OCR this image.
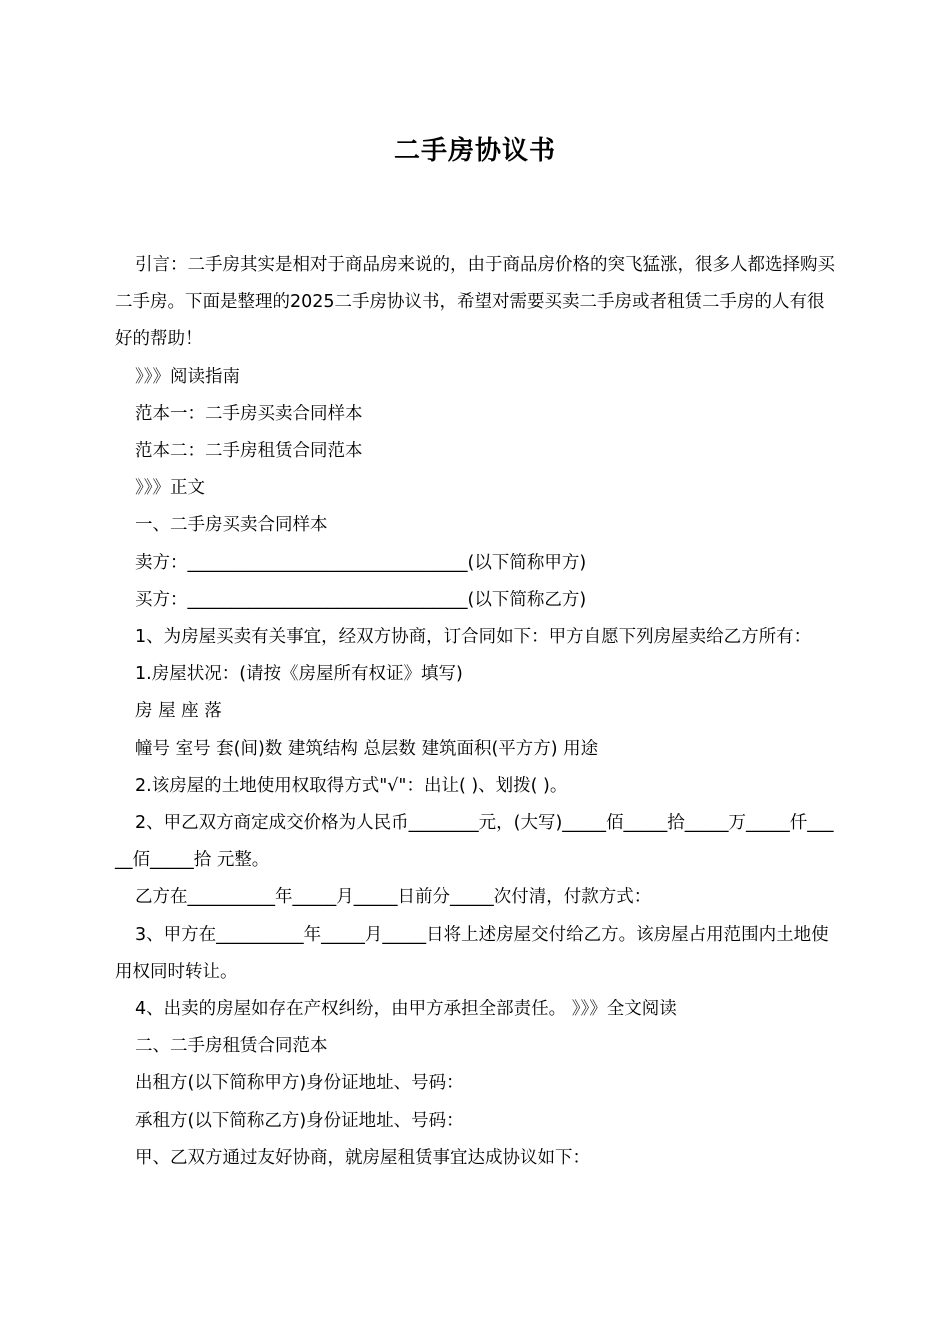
二手房协议书

引言：二手房其实是相对于商品房来说的，由于商品房价格的突飞猛涨，很多人都选择购买二手房。下面是整理的2025二手房协议书，希望对需要买卖二手房或者租赁二手房的人有很好的帮助！

》》》阅读指南

范本一：二手房买卖合同样本

范本二：二手房租赁合同范本

》》》正文

一、二手房买卖合同样本

卖方：________________________________(以下简称甲方)

买方：________________________________(以下简称乙方)

1、为房屋买卖有关事宜，经双方协商，订合同如下：甲方自愿下列房屋卖给乙方所有：

1.房屋状况：(请按《房屋所有权证》填写)

房 屋 座 落

幢号 室号 套(间)数 建筑结构 总层数 建筑面积(平方方) 用途

2.该房屋的土地使用权取得方式"√"：出让( )、划拨( )。

2、甲乙双方商定成交价格为人民币________元，(大写)_____佰_____拾_____万_____仟_____佰_____拾 元整。

乙方在__________年_____月_____日前分_____次付清，付款方式：

3、甲方在__________年_____月_____日将上述房屋交付给乙方。该房屋占用范围内土地使用权同时转让。

4、出卖的房屋如存在产权纠纷，由甲方承担全部责任。 》》》全文阅读

二、二手房租赁合同范本

出租方(以下简称甲方)身份证地址、号码：

承租方(以下简称乙方)身份证地址、号码：

甲、乙双方通过友好协商，就房屋租赁事宜达成协议如下：
